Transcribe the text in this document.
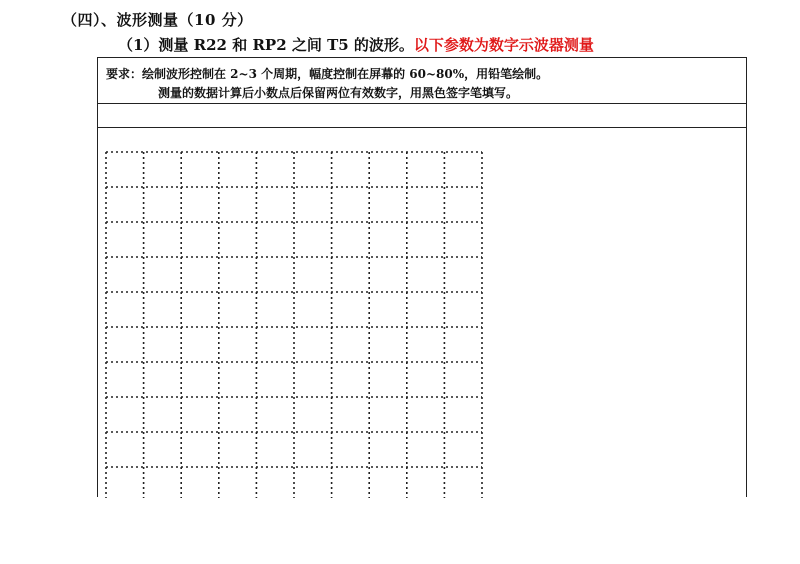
（四）、波形测量（10 分）
（1）测量 R22 和 RP2 之间 T5 的波形。以下参数为数字示波器测量
要求：绘制波形控制在 2~3 个周期，幅度控制在屏幕的 60~80%，用铅笔绘制。
测量的数据计算后小数点后保留两位有效数字，用黑色签字笔填写。
